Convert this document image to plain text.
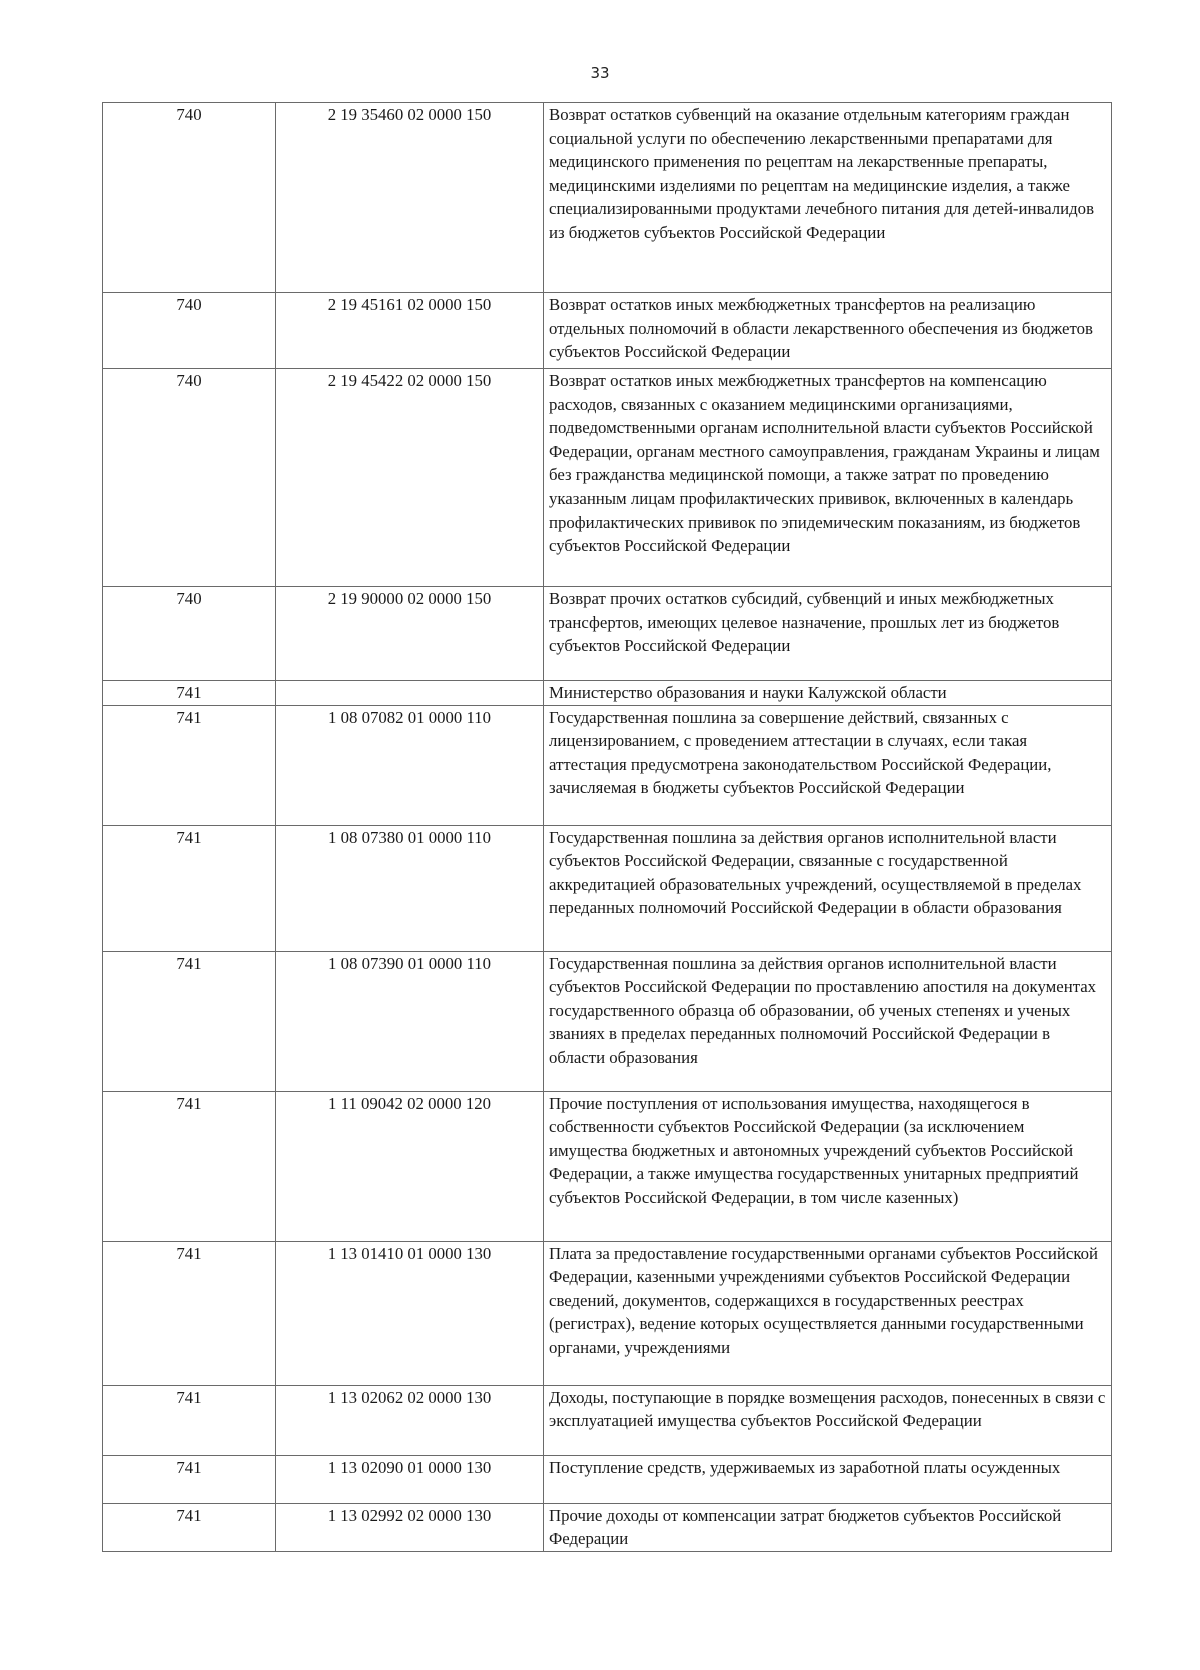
33
740	2 19 35460 02 0000 150	Возврат остатков субвенций на оказание отдельным категориям граждан социальной услуги по обеспечению лекарственными препаратами для медицинского применения по рецептам на лекарственные препараты, медицинскими изделиями по рецептам на медицинские изделия, а также специализированными продуктами лечебного питания для детей-инвалидов из бюджетов субъектов Российской Федерации

740	2 19 45161 02 0000 150	Возврат остатков иных межбюджетных трансфертов на реализацию отдельных полномочий в области лекарственного обеспечения из бюджетов субъектов Российской Федерации

740	2 19 45422 02 0000 150	Возврат остатков иных межбюджетных трансфертов на компенсацию расходов, связанных с оказанием медицинскими организациями, подведомственными органам исполнительной власти субъектов Российской Федерации, органам местного самоуправления, гражданам Украины и лицам без гражданства медицинской помощи, а также затрат по проведению указанным лицам профилактических прививок, включенных в календарь профилактических прививок по эпидемическим показаниям, из бюджетов субъектов Российской Федерации

740	2 19 90000 02 0000 150	Возврат прочих остатков субсидий, субвенций и иных межбюджетных трансфертов, имеющих целевое назначение, прошлых лет из бюджетов субъектов Российской Федерации

741		Министерство образования и науки Калужской области

741	1 08 07082 01 0000 110	Государственная пошлина за совершение действий, связанных с лицензированием, с проведением аттестации в случаях, если такая аттестация предусмотрена законодательством Российской Федерации, зачисляемая в бюджеты субъектов Российской Федерации

741	1 08 07380 01 0000 110	Государственная пошлина за действия органов исполнительной власти субъектов Российской Федерации, связанные с государственной аккредитацией образовательных учреждений, осуществляемой в пределах переданных полномочий Российской Федерации в области образования

741	1 08 07390 01 0000 110	Государственная пошлина за действия органов исполнительной власти субъектов Российской Федерации по проставлению апостиля на документах государственного образца об образовании, об ученых степенях и ученых званиях в пределах переданных полномочий Российской Федерации в области образования

741	1 11 09042 02 0000 120	Прочие поступления от использования имущества, находящегося в собственности субъектов Российской Федерации (за исключением имущества бюджетных и автономных учреждений субъектов Российской Федерации, а также имущества государственных унитарных предприятий субъектов Российской Федерации, в том числе казенных)

741	1 13 01410 01 0000 130	Плата за предоставление государственными органами субъектов Российской Федерации, казенными учреждениями субъектов Российской Федерации сведений, документов, содержащихся в государственных реестрах (регистрах), ведение которых осуществляется данными государственными органами, учреждениями

741	1 13 02062 02 0000 130	Доходы, поступающие в порядке возмещения расходов, понесенных в связи с эксплуатацией имущества субъектов Российской Федерации

741	1 13 02090 01 0000 130	Поступление средств, удерживаемых из заработной платы осужденных

741	1 13 02992 02 0000 130	Прочие доходы от компенсации затрат бюджетов субъектов Российской Федерации
